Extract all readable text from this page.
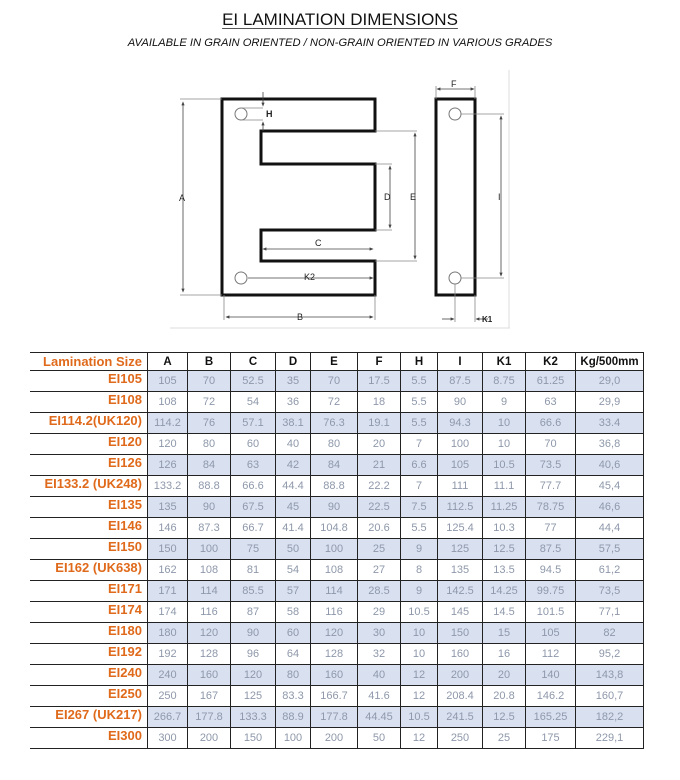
EI LAMINATION DIMENSIONS
AVAILABLE IN GRAIN ORIENTED / NON-GRAIN ORIENTED IN VARIOUS GRADES
H
A	D E
C
K2
B
F
I
K1
Lamination Size	A	B	C	D	E	F	H	I	K1	K2	Kg/500mm
EI105	105	70	52.5	35	70	17.5	5.5	87.5	8.75	61.25	29,0
EI108	108	72	54	36	72	18	5.5	90	9	63	29,9
EI114.2(UK120)	114.2	76	57.1	38.1	76.3	19.1	5.5	94.3	10	66.6	33.4
EI120	120	80	60	40	80	20	7	100	10	70	36,8
EI126	126	84	63	42	84	21	6.6	105	10.5	73.5	40,6
EI133.2 (UK248)	133.2	88.8	66.6	44.4	88.8	22.2	7	111	11.1	77.7	45,4
EI135	135	90	67.5	45	90	22.5	7.5	112.5	11.25	78.75	46,6
EI146	146	87.3	66.7	41.4	104.8	20.6	5.5	125.4	10.3	77	44,4
EI150	150	100	75	50	100	25	9	125	12.5	87.5	57,5
EI162 (UK638)	162	108	81	54	108	27	8	135	13.5	94.5	61,2
EI171	171	114	85.5	57	114	28.5	9	142.5	14.25	99.75	73,5
EI174	174	116	87	58	116	29	10.5	145	14.5	101.5	77,1
EI180	180	120	90	60	120	30	10	150	15	105	82
EI192	192	128	96	64	128	32	10	160	16	112	95,2
EI240	240	160	120	80	160	40	12	200	20	140	143,8
EI250	250	167	125	83.3	166.7	41.6	12	208.4	20.8	146.2	160,7
EI267 (UK217)	266.7	177.8	133.3	88.9	177.8	44.45	10.5	241.5	12.5	165.25	182,2
EI300	300	200	150	100	200	50	12	250	25	175	229,1
